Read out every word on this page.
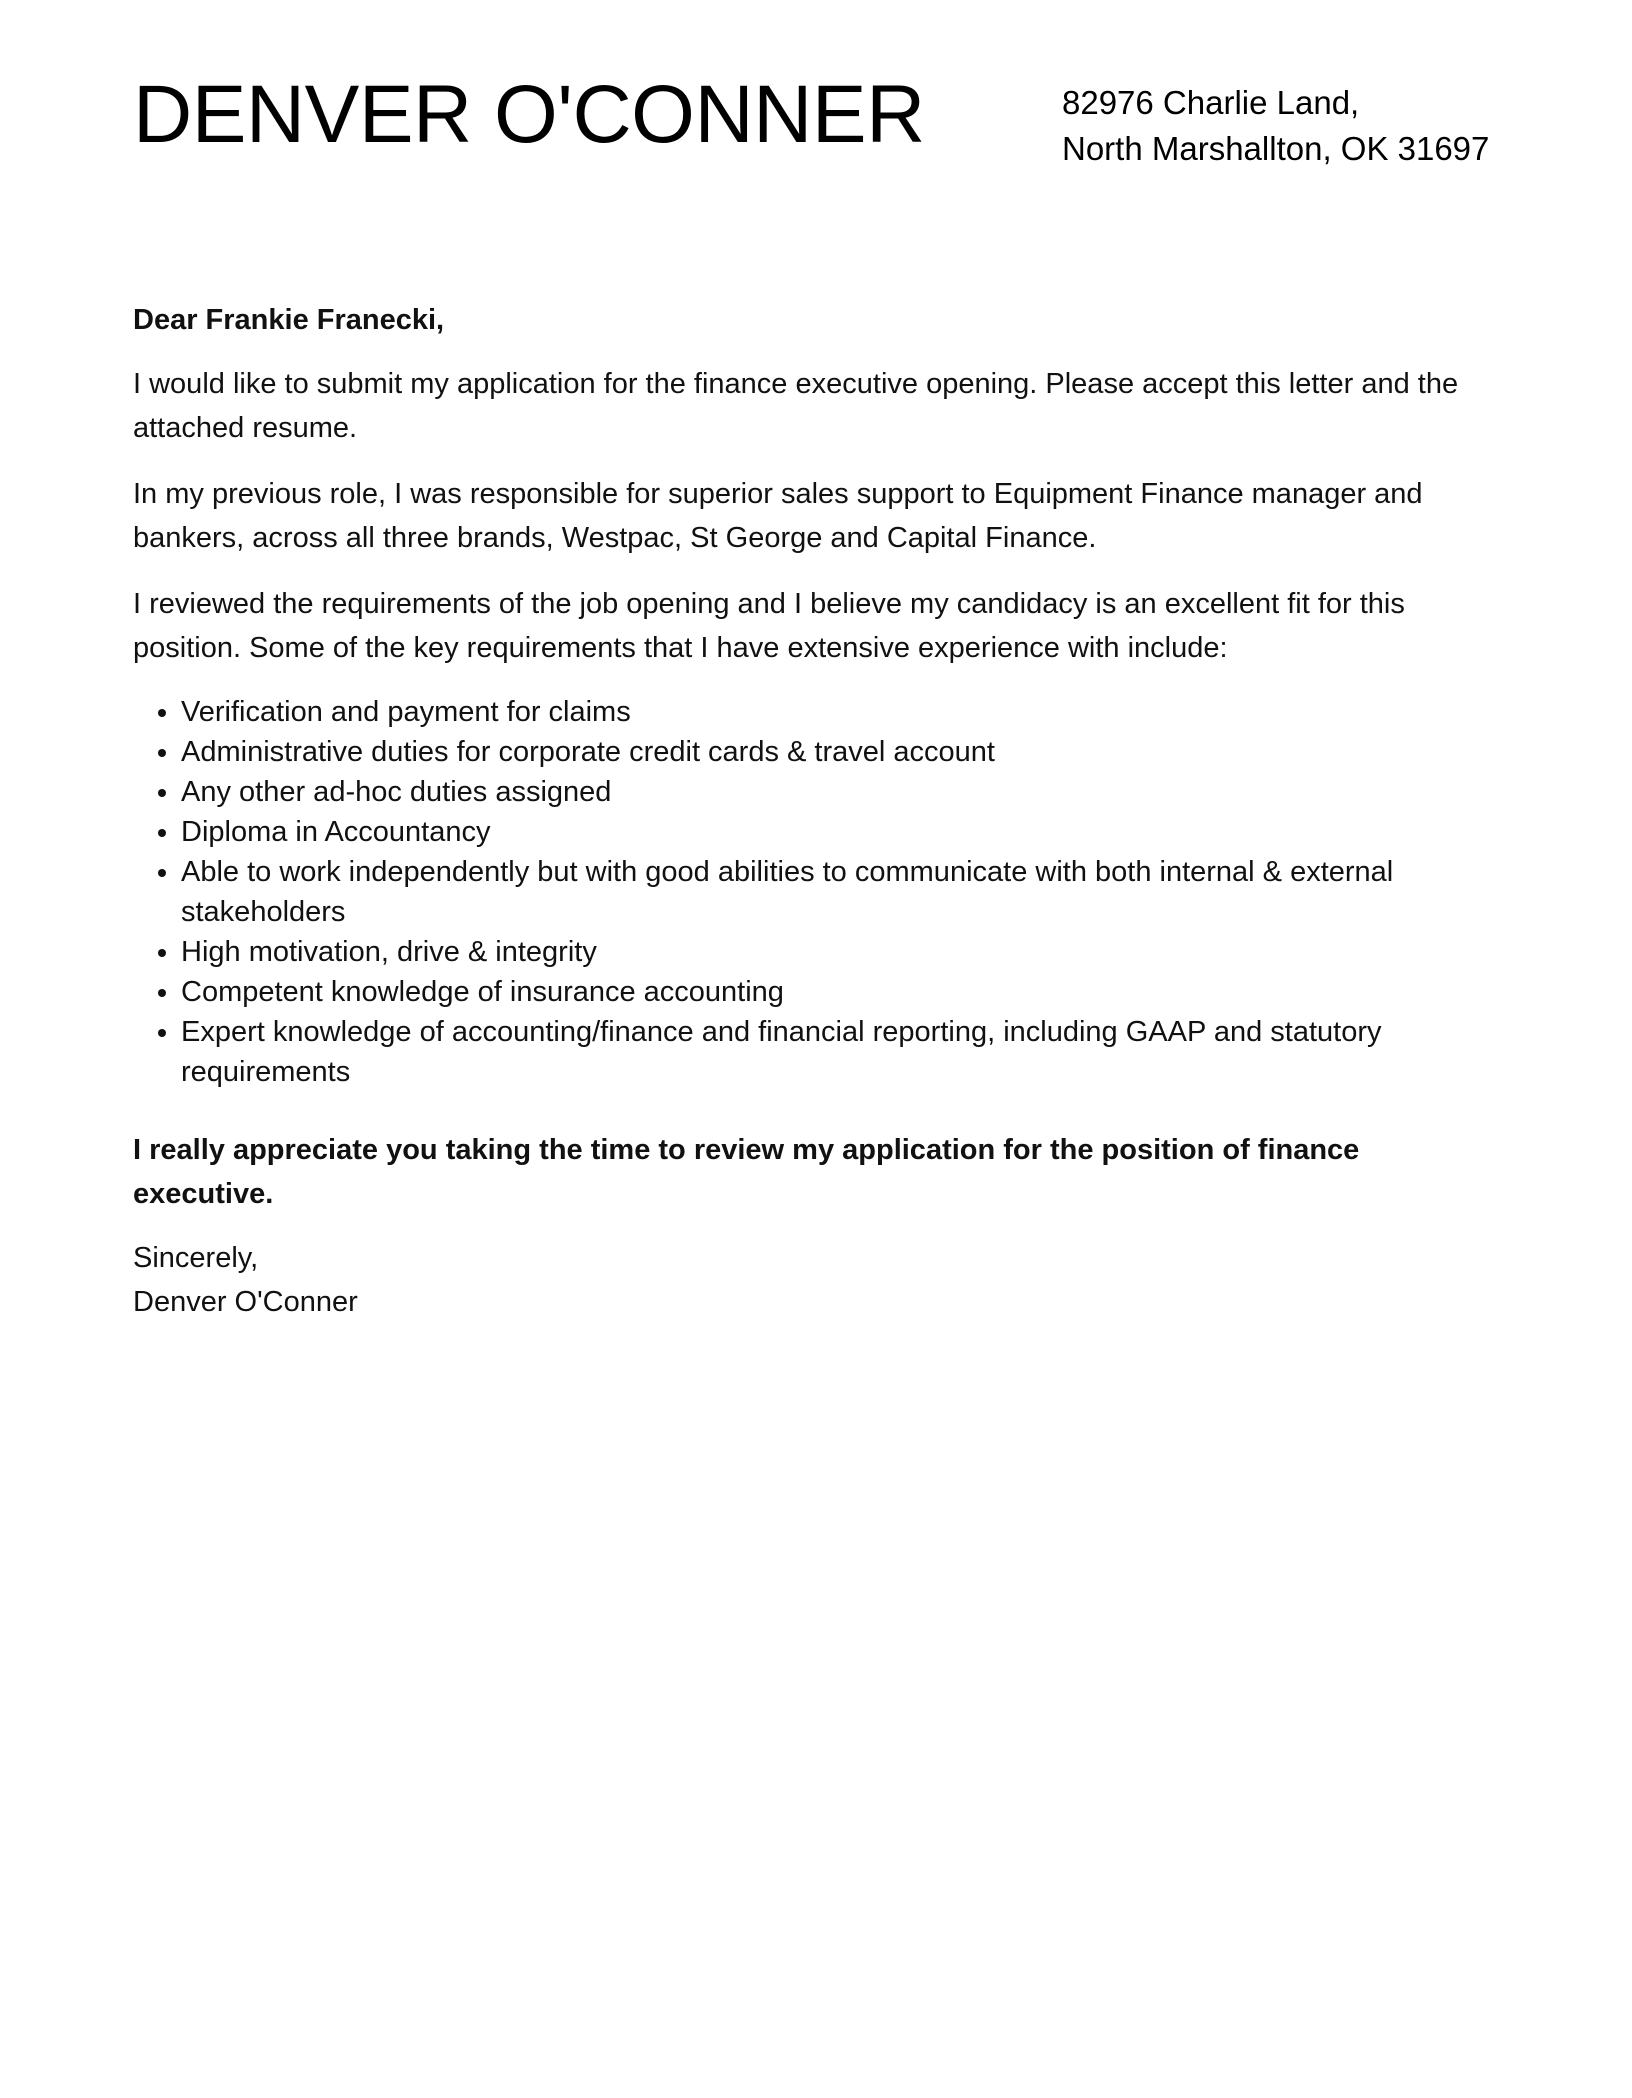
DENVER O'CONNER	82976 Charlie Land,
North Marshallton, OK 31697

Dear Frankie Franecki,

I would like to submit my application for the finance executive opening. Please accept this letter and the attached resume.

In my previous role, I was responsible for superior sales support to Equipment Finance manager and bankers, across all three brands, Westpac, St George and Capital Finance.

I reviewed the requirements of the job opening and I believe my candidacy is an excellent fit for this position. Some of the key requirements that I have extensive experience with include:

• Verification and payment for claims
• Administrative duties for corporate credit cards & travel account
• Any other ad-hoc duties assigned
• Diploma in Accountancy
• Able to work independently but with good abilities to communicate with both internal & external stakeholders
• High motivation, drive & integrity
• Competent knowledge of insurance accounting
• Expert knowledge of accounting/finance and financial reporting, including GAAP and statutory requirements

I really appreciate you taking the time to review my application for the position of finance executive.

Sincerely,
Denver O'Conner
